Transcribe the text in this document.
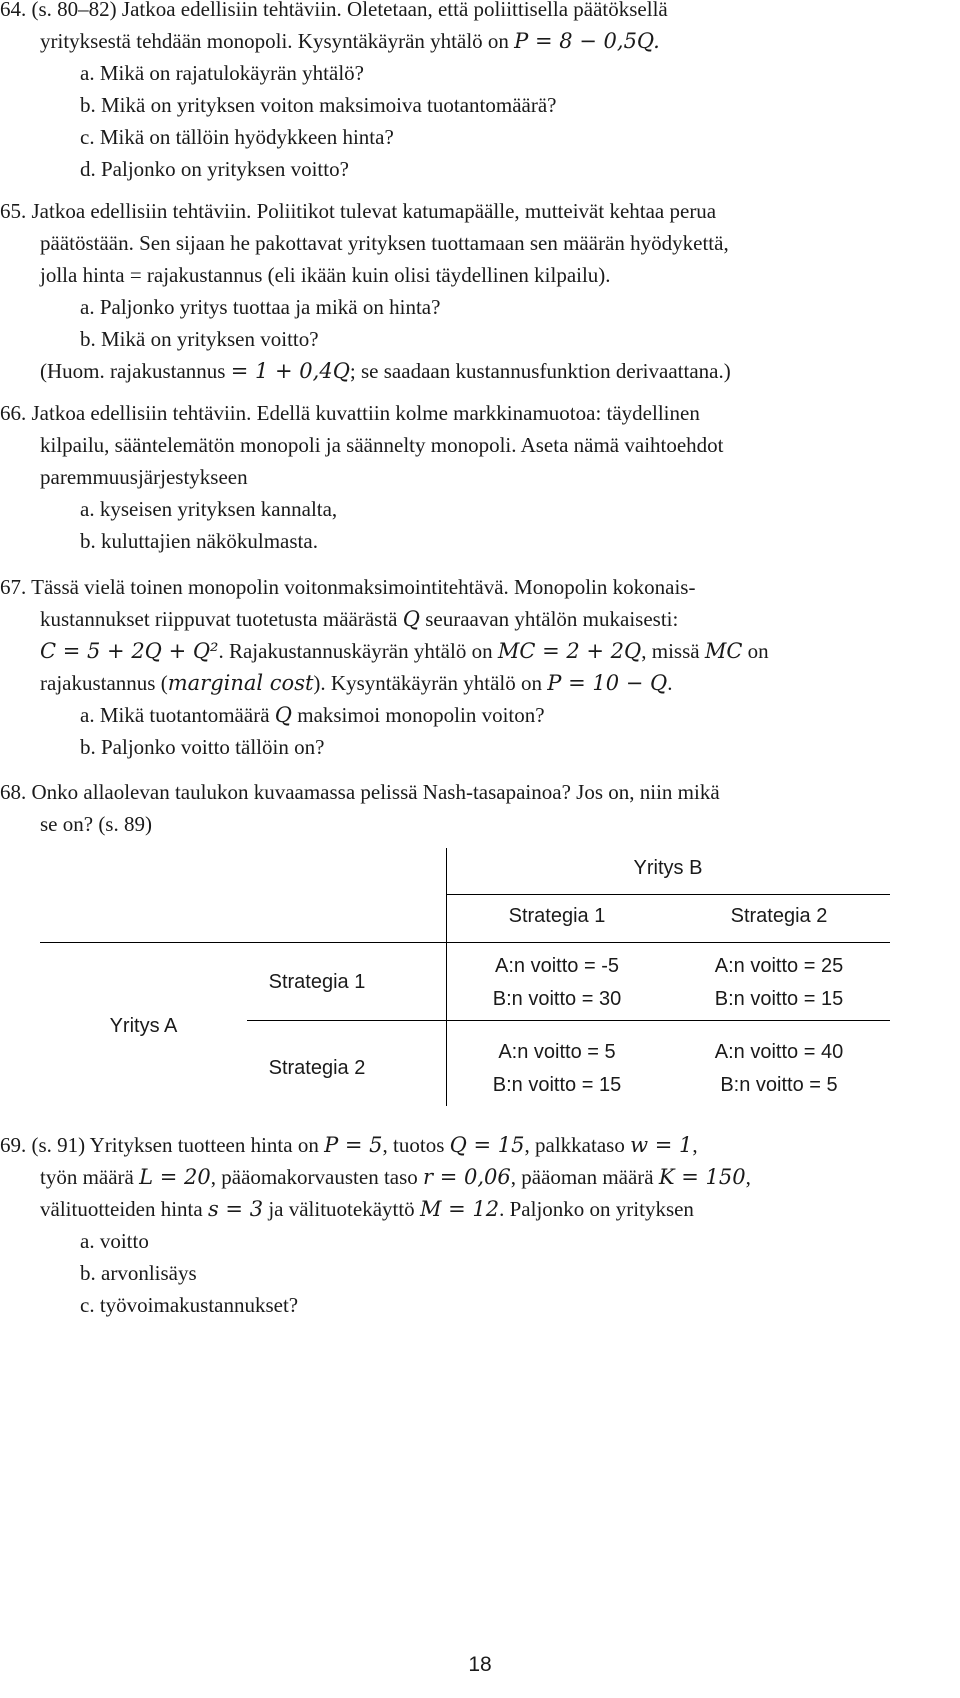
64. (s. 80–82) Jatkoa edellisiin tehtäviin. Oletetaan, että poliittisella päätöksellä
yrityksestä tehdään monopoli. Kysyntäkäyrän yhtälö on P = 8 − 0,5Q.
a. Mikä on rajatulokäyrän yhtälö?
b. Mikä on yrityksen voiton maksimoiva tuotantomäärä?
c. Mikä on tällöin hyödykkeen hinta?
d. Paljonko on yrityksen voitto?
65. Jatkoa edellisiin tehtäviin. Poliitikot tulevat katumapäälle, mutteivät kehtaa perua
päätöstään. Sen sijaan he pakottavat yrityksen tuottamaan sen määrän hyödykettä,
jolla hinta = rajakustannus (eli ikään kuin olisi täydellinen kilpailu).
a. Paljonko yritys tuottaa ja mikä on hinta?
b. Mikä on yrityksen voitto?
(Huom. rajakustannus = 1 + 0,4Q; se saadaan kustannusfunktion derivaattana.)
66. Jatkoa edellisiin tehtäviin. Edellä kuvattiin kolme markkinamuotoa: täydellinen
kilpailu, sääntelemätön monopoli ja säännelty monopoli. Aseta nämä vaihtoehdot
paremmuusjärjestykseen
a. kyseisen yrityksen kannalta,
b. kuluttajien näkökulmasta.
67. Tässä vielä toinen monopolin voitonmaksimointitehtävä. Monopolin kokonais-
kustannukset riippuvat tuotetusta määrästä Q seuraavan yhtälön mukaisesti:
C = 5 + 2Q + Q². Rajakustannuskäyrän yhtälö on MC = 2 + 2Q, missä MC on
rajakustannus (marginal cost). Kysyntäkäyrän yhtälö on P = 10 − Q.
a. Mikä tuotantomäärä Q maksimoi monopolin voiton?
b. Paljonko voitto tällöin on?
68. Onko allaolevan taulukon kuvaamassa pelissä Nash-tasapainoa? Jos on, niin mikä
se on? (s. 89)
Yritys B
Strategia 1	Strategia 2
Yritys A
Strategia 1
Strategia 2
A:n voitto = -5
B:n voitto = 30
A:n voitto = 25
B:n voitto = 15
A:n voitto = 5
B:n voitto = 15
A:n voitto = 40
B:n voitto = 5
69. (s. 91) Yrityksen tuotteen hinta on P = 5, tuotos Q = 15, palkkataso w = 1,
työn määrä L = 20, pääomakorvausten taso r = 0,06, pääoman määrä K = 150,
välituotteiden hinta s = 3 ja välituotekäyttö M = 12. Paljonko on yrityksen
a. voitto
b. arvonlisäys
c. työvoimakustannukset?
18
